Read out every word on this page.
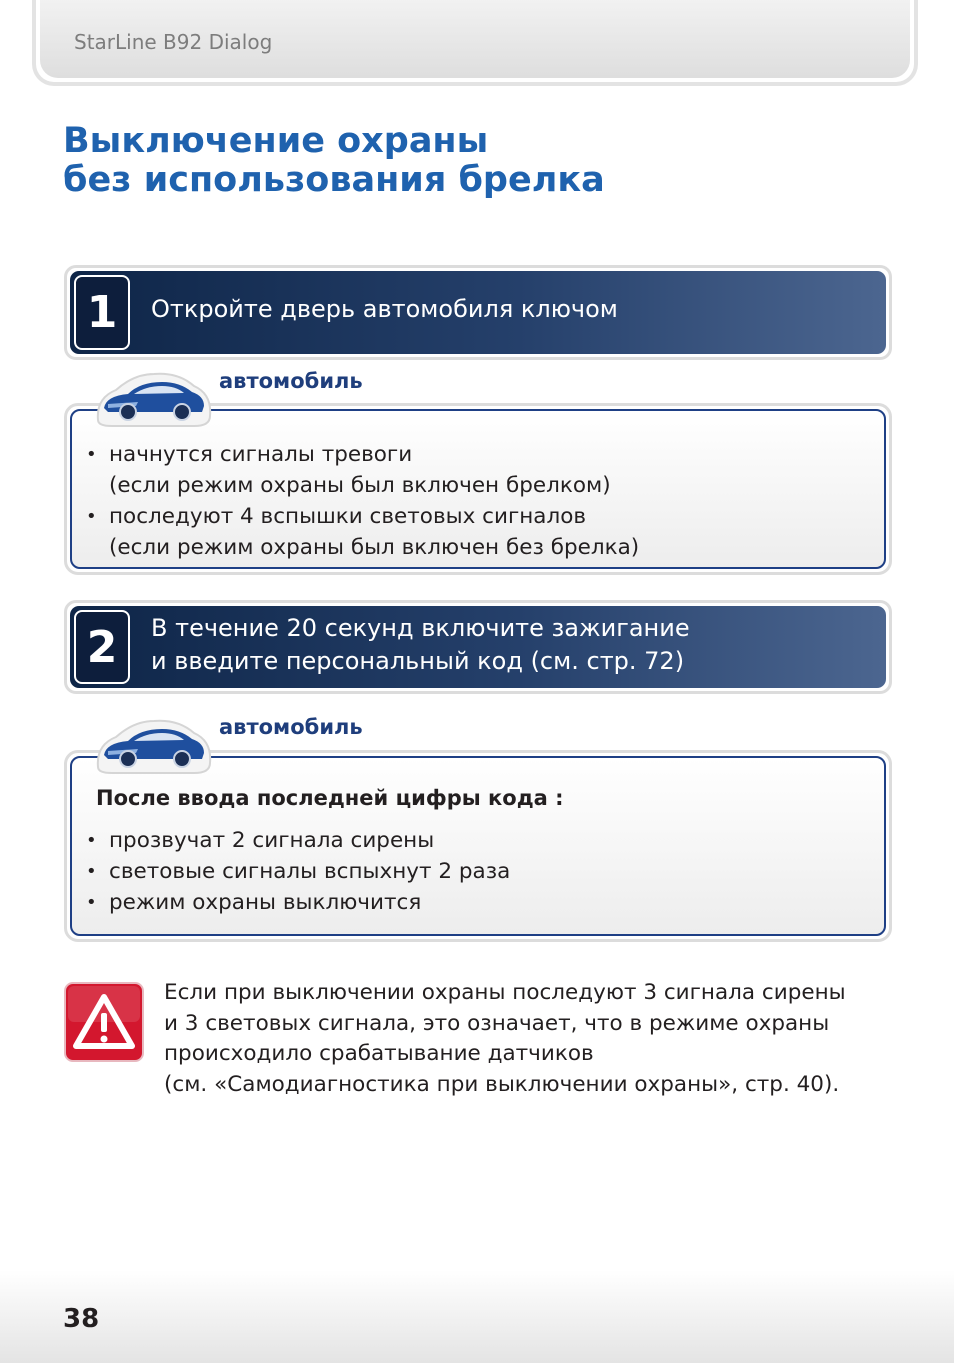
StarLine B92 Dialog
Выключение охраны
без использования брелка
1	Откройте дверь автомобиля ключом
• начнутся сигналы тревоги
(если режим охраны был включен брелком)
• последуют 4 вспышки световых сигналов
(если режим охраны был включен без брелка)
автомобиль
2	В течение 20 секунд включите зажигание
и введите персональный код (см. стр. 72)
После ввода последней цифры кода :
• прозвучат 2 сигнала сирены
• световые сигналы вспыхнут 2 раза
• режим охраны выключится
автомобиль
Если при выключении охраны последуют 3 сигнала сирены
и 3 световых сигнала, это означает, что в режиме охраны
происходило срабатывание датчиков
(см. «Самодиагностика при выключении охраны», стр. 40).
38
